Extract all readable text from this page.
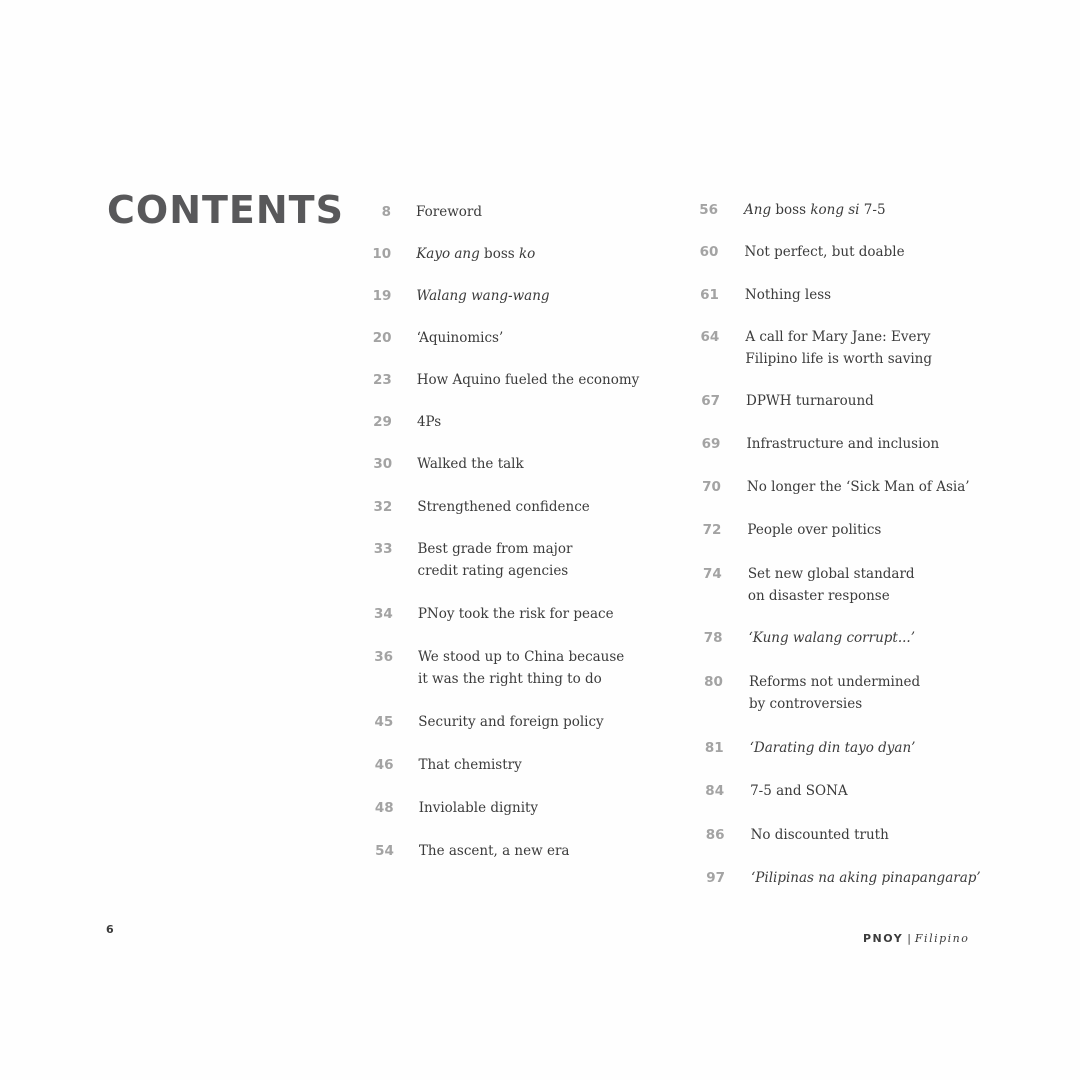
CONTENTS	8 Foreword
10 Kayo ang boss ko
19 Walang wang-wang
20 ‘Aquinomics’
23 How Aquino fueled the economy
29 4Ps
30 Walked the talk
32 Strengthened confidence
33 Best grade from major
credit rating agencies
34 PNoy took the risk for peace
36 We stood up to China because
it was the right thing to do
45 Security and foreign policy
46 That chemistry
48 Inviolable dignity
54 The ascent, a new era
56 Ang boss kong si 7-5
60 Not perfect, but doable
61 Nothing less
64 A call for Mary Jane: Every
Filipino life is worth saving
67 DPWH turnaround
69 Infrastructure and inclusion
70 No longer the ‘Sick Man of Asia’
72 People over politics
74 Set new global standard
on disaster response
78 ‘Kung walang corrupt...’
80 Reforms not undermined
by controversies
81 ‘Darating din tayo dyan’
84 7-5 and SONA
86 No discounted truth
97 ‘Pilipinas na aking pinapangarap’
6
PNOY | Filipino
